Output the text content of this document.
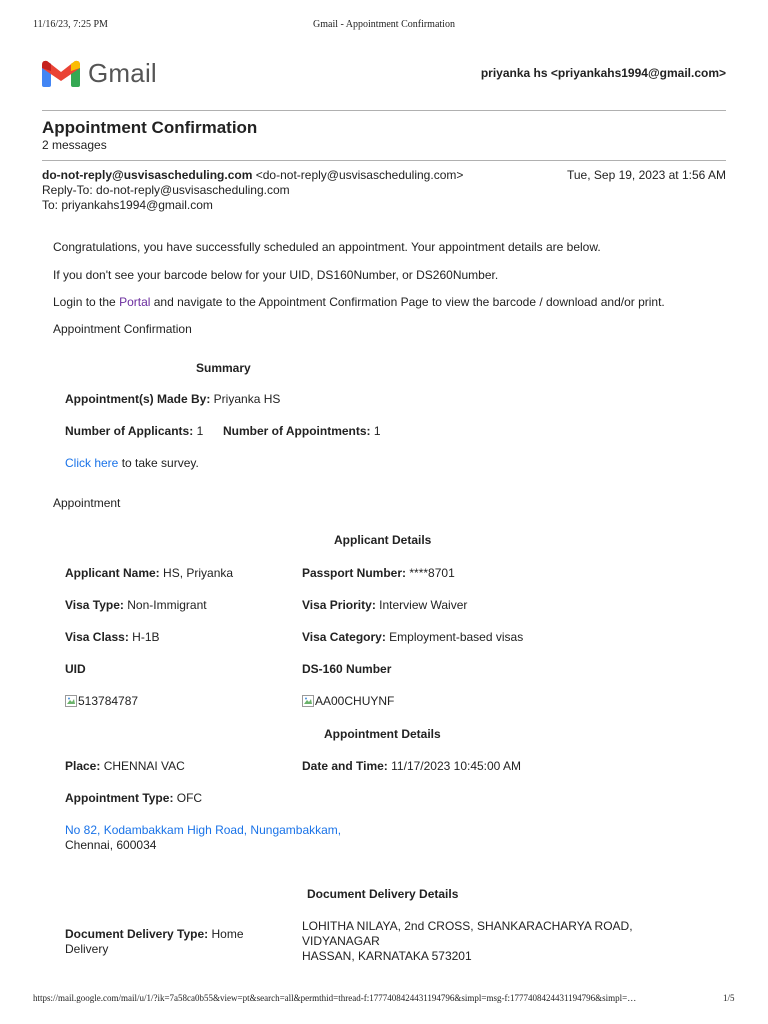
11/16/23, 7:25 PM	Gmail - Appointment Confirmation
Gmail	priyanka hs <priyankahs1994@gmail.com>
Appointment Confirmation
2 messages
do-not-reply@usvisascheduling.com <do-not-reply@usvisascheduling.com>	Tue, Sep 19, 2023 at 1:56 AM
Reply-To: do-not-reply@usvisascheduling.com
To: priyankahs1994@gmail.com
Congratulations, you have successfully scheduled an appointment. Your appointment details are below.
If you don't see your barcode below for your UID, DS160Number, or DS260Number.
Login to the Portal and navigate to the Appointment Confirmation Page to view the barcode / download and/or print.
Appointment Confirmation
Summary
Appointment(s) Made By: Priyanka HS
Number of Applicants: 1 Number of Appointments: 1
Click here to take survey.
Appointment
Applicant Details
Applicant Name: HS, Priyanka	Passport Number: ****8701
Visa Type: Non-Immigrant	Visa Priority: Interview Waiver
Visa Class: H-1B	Visa Category: Employment-based visas
UID	DS-160 Number
513784787	AA00CHUYNF
Appointment Details
Place: CHENNAI VAC	Date and Time: 11/17/2023 10:45:00 AM
Appointment Type: OFC
No 82, Kodambakkam High Road, Nungambakkam,
Chennai, 600034
Document Delivery Details
Document Delivery Type: Home
Delivery
LOHITHA NILAYA, 2nd CROSS, SHANKARACHARYA ROAD,
VIDYANAGAR
HASSAN, KARNATAKA 573201
https://mail.google.com/mail/u/1/?ik=7a58ca0b55&view=pt&search=all&permthid=thread-f:1777408424431194796&simpl=msg-f:1777408424431194796&simpl=…	1/5
